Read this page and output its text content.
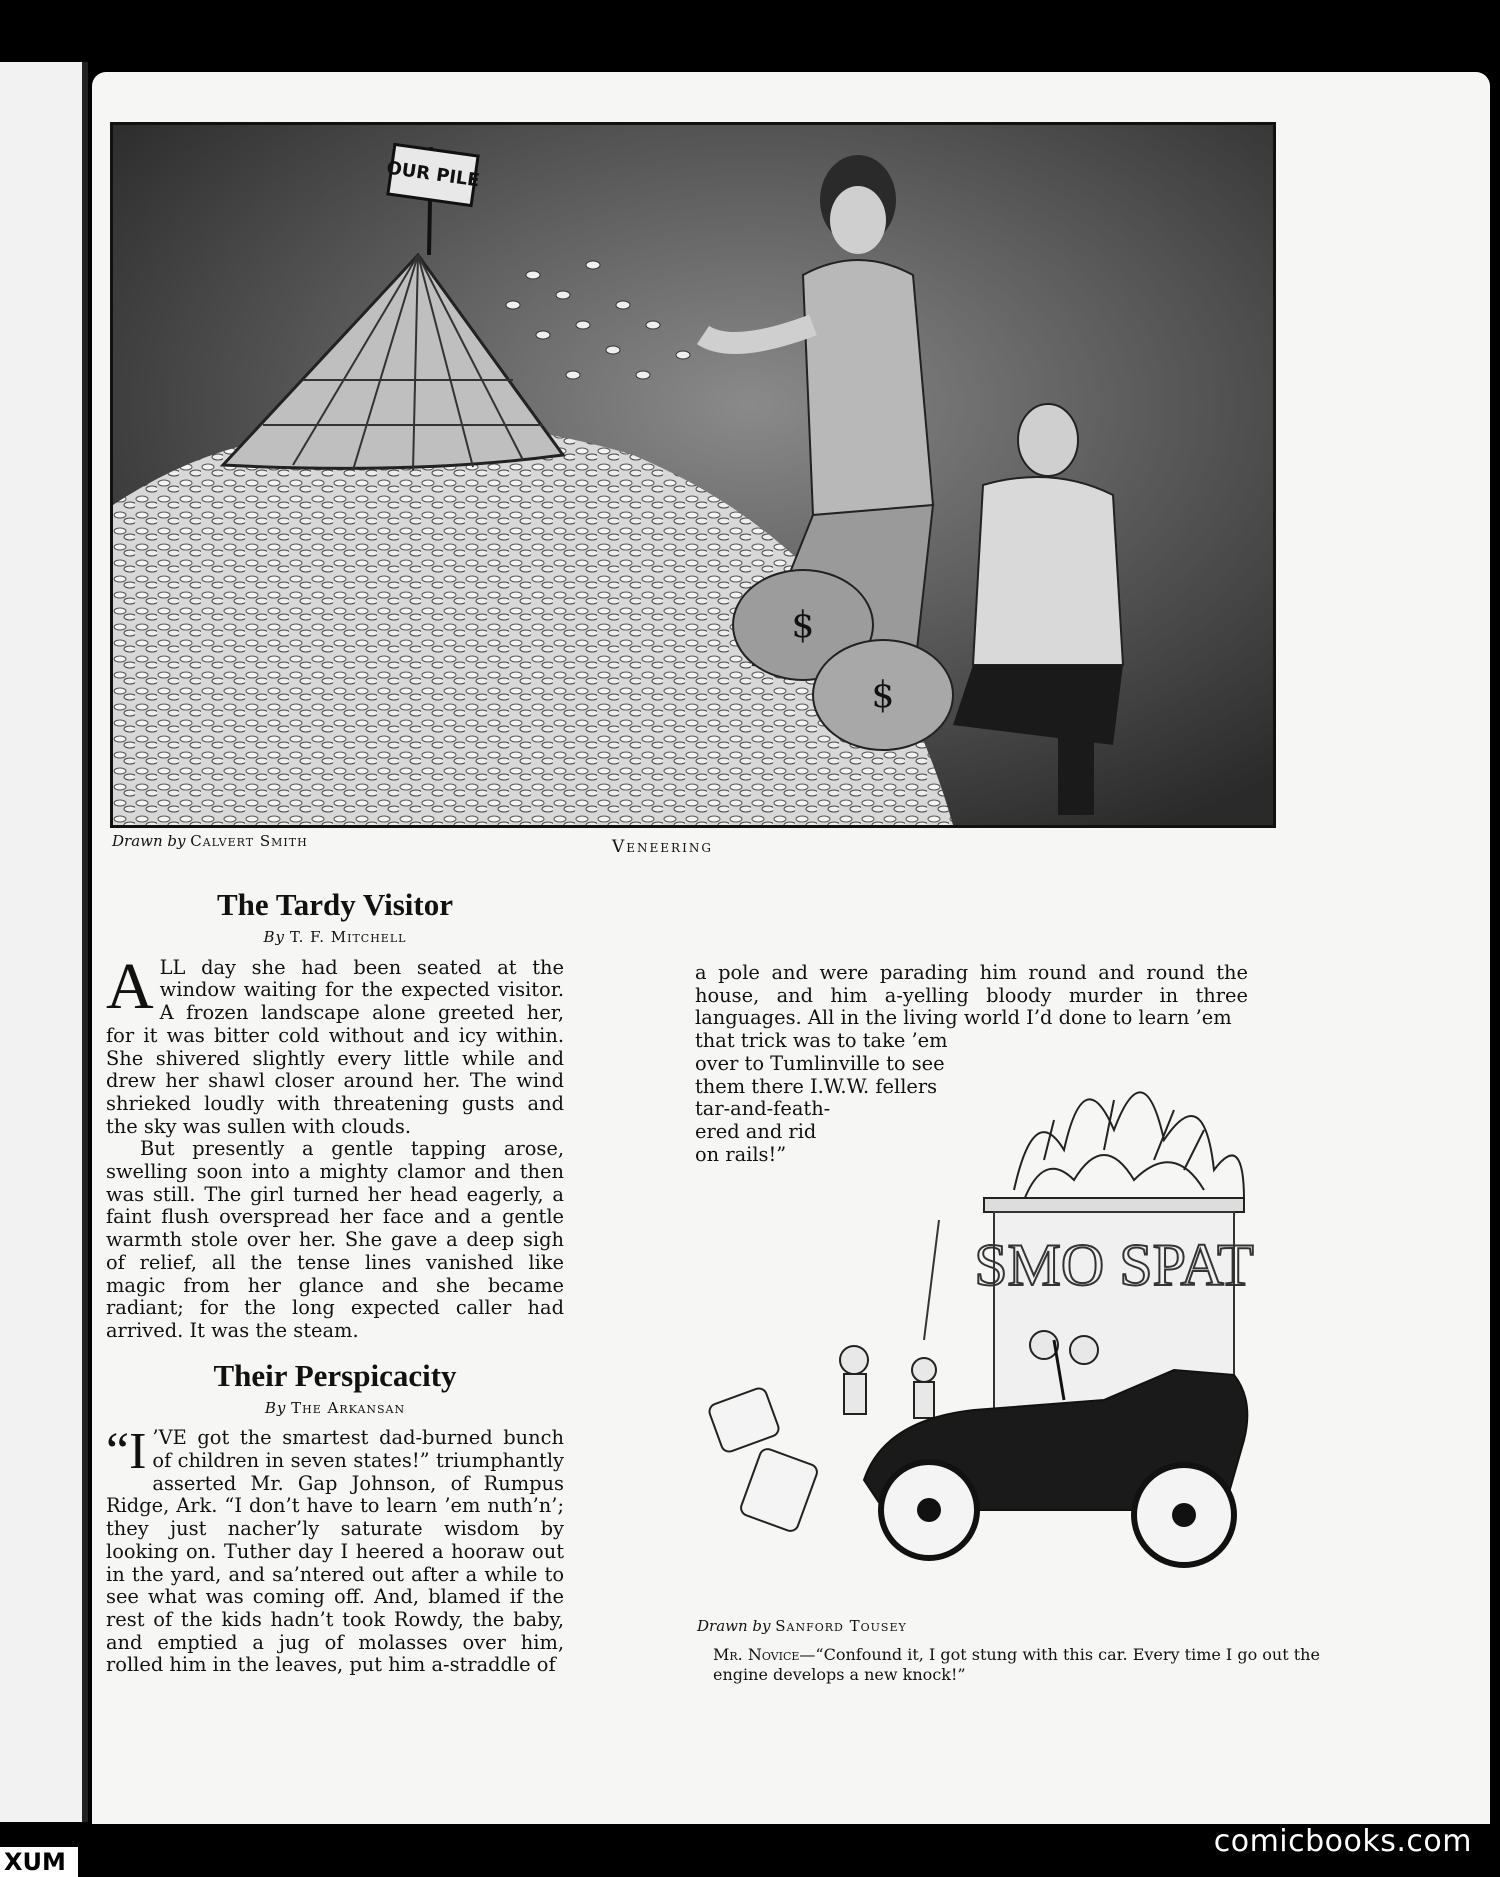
OUR PILE
$
$
Drawn by Calvert Smith	Veneering
The Tardy Visitor
By T. F. Mitchell

ALL day she had been seated at the window waiting for the expected visitor. A frozen landscape alone greeted her, for it was bitter cold without and icy within. She shivered slightly every little while and drew her shawl closer around her. The wind shrieked loudly with threatening gusts and the sky was sullen with clouds.

But presently a gentle tapping arose, swelling soon into a mighty clamor and then was still. The girl turned her head eagerly, a faint flush overspread her face and a gentle warmth stole over her. She gave a deep sigh of relief, all the tense lines vanished like magic from her glance and she became radiant; for the long expected caller had arrived. It was the steam.

Their Perspicacity
By The Arkansan

“I ’VE got the smartest dad-burned bunch of children in seven states!” triumphantly asserted Mr. Gap Johnson, of Rumpus Ridge, Ark. “I don’t have to learn ’em nuth’n’; they just nacher’ly saturate wisdom by looking on. Tuther day I heered a hooraw out in the yard, and sa’ntered out after a while to see what was coming off. And, blamed if the rest of the kids hadn’t took Rowdy, the baby, and emptied a jug of molasses over him, rolled him in the leaves, put him a-straddle of

a pole and were parading him round and round the house, and him a-yelling bloody murder in three languages. All in the living world I’d done to learn ’em

that trick was to take ’em
over to Tumlinville to see
them there I.W.W. fellers
tar-and-feath-
ered and rid
on rails!”
SMO SPAT
Drawn by Sanford Tousey
Mr. Novice—“Confound it, I got stung with this car. Every time I go out the engine develops a new knock!”
comicbooks.com
XUM
